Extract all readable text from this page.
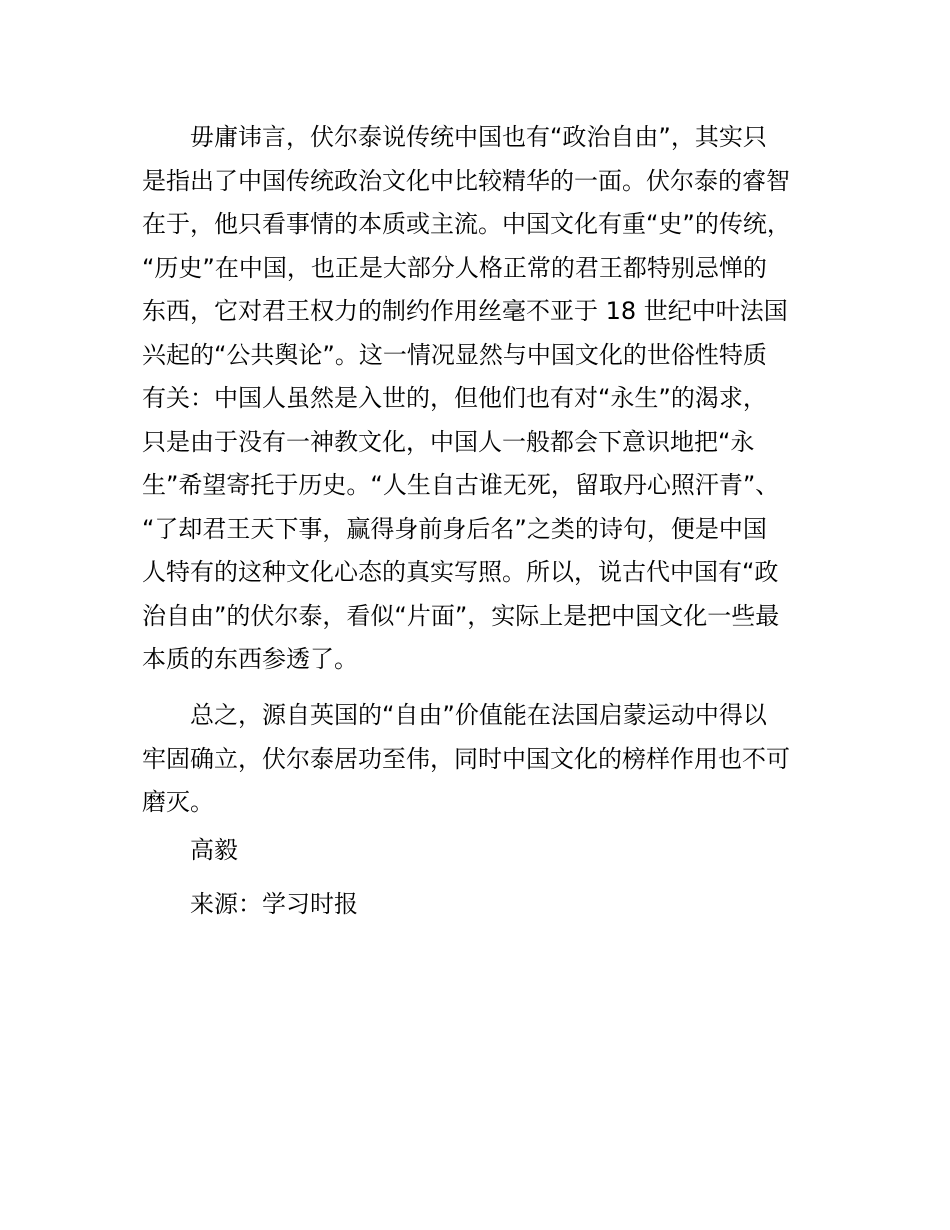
毋庸讳言，伏尔泰说传统中国也有“政治自由”，其实只
是指出了中国传统政治文化中比较精华的一面。伏尔泰的睿智
在于，他只看事情的本质或主流。中国文化有重“史”的传统，
“历史”在中国，也正是大部分人格正常的君王都特别忌惮的
东西，它对君王权力的制约作用丝毫不亚于 18 世纪中叶法国
兴起的“公共舆论”。这一情况显然与中国文化的世俗性特质
有关：中国人虽然是入世的，但他们也有对“永生”的渴求，
只是由于没有一神教文化，中国人一般都会下意识地把“永
生”希望寄托于历史。“人生自古谁无死，留取丹心照汗青”、
“了却君王天下事，赢得身前身后名”之类的诗句，便是中国
人特有的这种文化心态的真实写照。所以，说古代中国有“政
治自由”的伏尔泰，看似“片面”，实际上是把中国文化一些最
本质的东西参透了。
总之，源自英国的“自由”价值能在法国启蒙运动中得以
牢固确立，伏尔泰居功至伟，同时中国文化的榜样作用也不可
磨灭。
高毅
来源：学习时报
